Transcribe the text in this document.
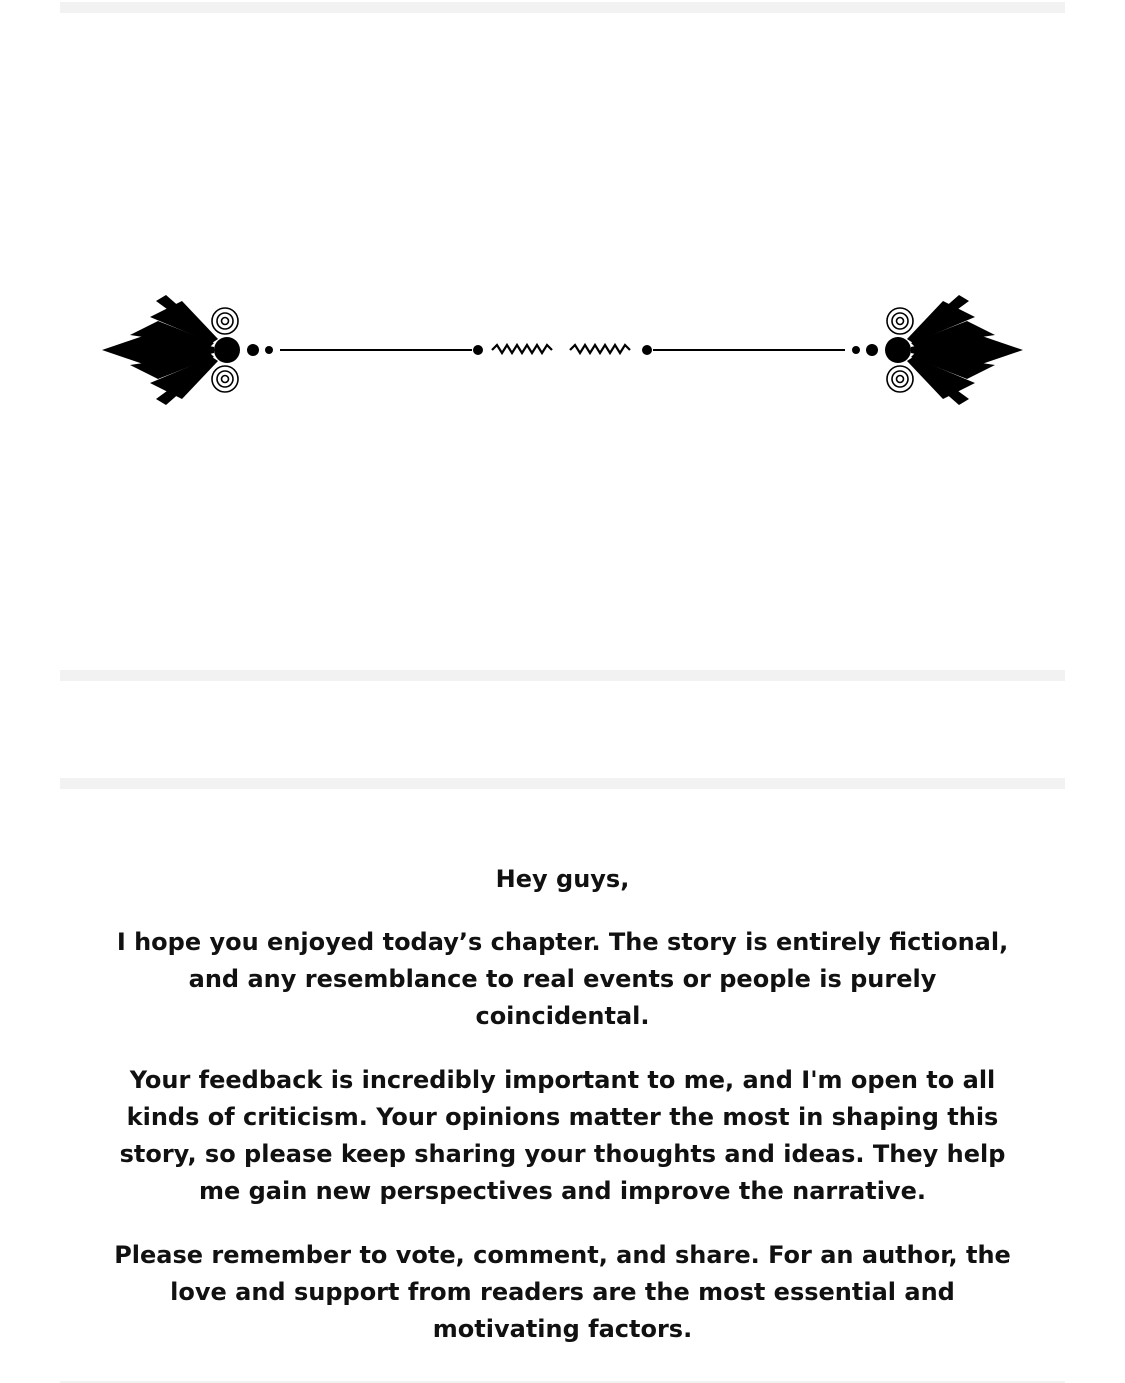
Hey guys,

I hope you enjoyed today’s chapter. The story is entirely fictional, and any resemblance to real events or people is purely coincidental.

Your feedback is incredibly important to me, and I'm open to all kinds of criticism. Your opinions matter the most in shaping this story, so please keep sharing your thoughts and ideas. They help me gain new perspectives and improve the narrative.

Please remember to vote, comment, and share. For an author, the love and support from readers are the most essential and motivating factors.
